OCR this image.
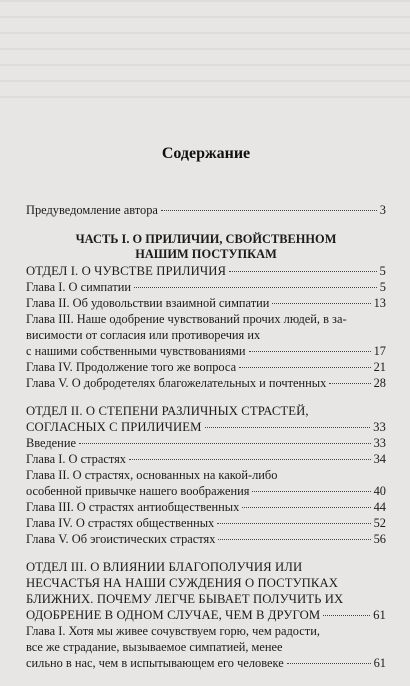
Содержание
Предуведомление автора	3
ЧАСТЬ I. О ПРИЛИЧИИ, СВОЙСТВЕННОМ
НАШИМ ПОСТУПКАМ
ОТДЕЛ I. О ЧУВСТВЕ ПРИЛИЧИЯ	5
Глава I. О симпатии	5
Глава II. Об удовольствии взаимной симпатии	13
Глава III. Наше одобрение чувствований прочих людей, в за-
висимости от согласия или противоречия их
с нашими собственными чувствованиями	17
Глава IV. Продолжение того же вопроса	21
Глава V. О добродетелях благожелательных и почтенных	28
ОТДЕЛ II. О СТЕПЕНИ РАЗЛИЧНЫХ СТРАСТЕЙ,
СОГЛАСНЫХ С ПРИЛИЧИЕМ	33
Введение	33
Глава I. О страстях	34
Глава II. О страстях, основанных на какой-либо
особенной привычке нашего воображения	40
Глава III. О страстях антиобщественных	44
Глава IV. О страстях общественных	52
Глава V. Об эгоистических страстях	56
ОТДЕЛ III. О ВЛИЯНИИ БЛАГОПОЛУЧИЯ ИЛИ
НЕСЧАСТЬЯ НА НАШИ СУЖДЕНИЯ О ПОСТУПКАХ
БЛИЖНИХ. ПОЧЕМУ ЛЕГЧЕ БЫВАЕТ ПОЛУЧИТЬ ИХ
ОДОБРЕНИЕ В ОДНОМ СЛУЧАЕ, ЧЕМ В ДРУГОМ	61
Глава I. Хотя мы живее сочувствуем горю, чем радости,
все же страдание, вызываемое симпатией, менее
сильно в нас, чем в испытывающем его человеке	61
